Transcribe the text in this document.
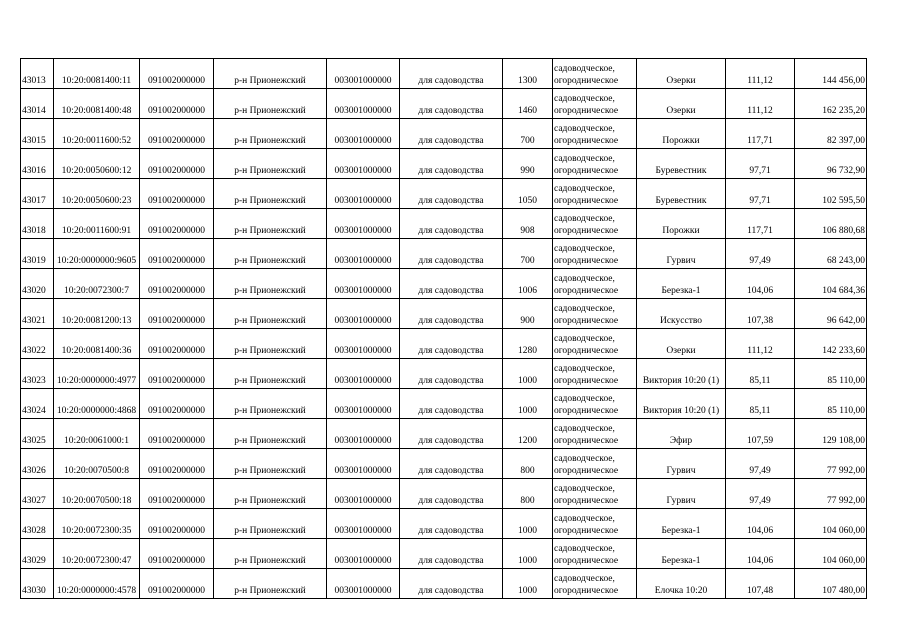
43013	10:20:0081400:11	091002000000	р-н Прионежский	003001000000	для садоводства	1300	садоводческое,
огородническое	Озерки	111,12	144 456,00
43014	10:20:0081400:48	091002000000	р-н Прионежский	003001000000	для садоводства	1460	садоводческое,
огородническое	Озерки	111,12	162 235,20
43015	10:20:0011600:52	091002000000	р-н Прионежский	003001000000	для садоводства	700	садоводческое,
огородническое	Порожки	117,71	82 397,00
43016	10:20:0050600:12	091002000000	р-н Прионежский	003001000000	для садоводства	990	садоводческое,
огородническое	Буревестник	97,71	96 732,90
43017	10:20:0050600:23	091002000000	р-н Прионежский	003001000000	для садоводства	1050	садоводческое,
огородническое	Буревестник	97,71	102 595,50
43018	10:20:0011600:91	091002000000	р-н Прионежский	003001000000	для садоводства	908	садоводческое,
огородническое	Порожки	117,71	106 880,68
43019	10:20:0000000:9605	091002000000	р-н Прионежский	003001000000	для садоводства	700	садоводческое,
огородническое	Гурвич	97,49	68 243,00
43020	10:20:0072300:7	091002000000	р-н Прионежский	003001000000	для садоводства	1006	садоводческое,
огородническое	Березка-1	104,06	104 684,36
43021	10:20:0081200:13	091002000000	р-н Прионежский	003001000000	для садоводства	900	садоводческое,
огородническое	Искусство	107,38	96 642,00
43022	10:20:0081400:36	091002000000	р-н Прионежский	003001000000	для садоводства	1280	садоводческое,
огородническое	Озерки	111,12	142 233,60
43023	10:20:0000000:4977	091002000000	р-н Прионежский	003001000000	для садоводства	1000	садоводческое,
огородническое	Виктория 10:20 (1)	85,11	85 110,00
43024	10:20:0000000:4868	091002000000	р-н Прионежский	003001000000	для садоводства	1000	садоводческое,
огородническое	Виктория 10:20 (1)	85,11	85 110,00
43025	10:20:0061000:1	091002000000	р-н Прионежский	003001000000	для садоводства	1200	садоводческое,
огородническое	Эфир	107,59	129 108,00
43026	10:20:0070500:8	091002000000	р-н Прионежский	003001000000	для садоводства	800	садоводческое,
огородническое	Гурвич	97,49	77 992,00
43027	10:20:0070500:18	091002000000	р-н Прионежский	003001000000	для садоводства	800	садоводческое,
огородническое	Гурвич	97,49	77 992,00
43028	10:20:0072300:35	091002000000	р-н Прионежский	003001000000	для садоводства	1000	садоводческое,
огородническое	Березка-1	104,06	104 060,00
43029	10:20:0072300:47	091002000000	р-н Прионежский	003001000000	для садоводства	1000	садоводческое,
огородническое	Березка-1	104,06	104 060,00
43030	10:20:0000000:4578	091002000000	р-н Прионежский	003001000000	для садоводства	1000	садоводческое,
огородническое	Елочка 10:20	107,48	107 480,00
